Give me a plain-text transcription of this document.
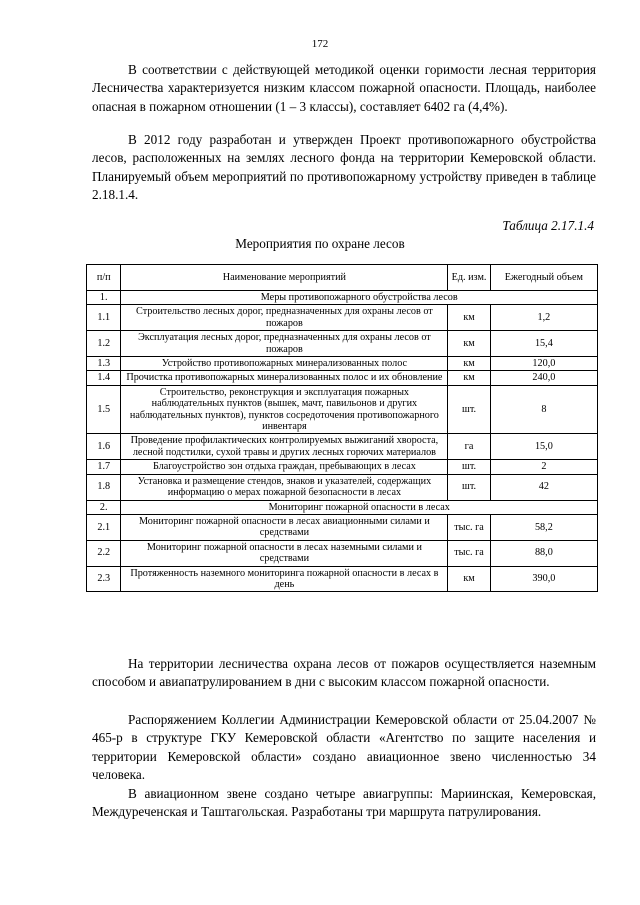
172

В соответствии с действующей методикой оценки горимости лесная территория Лесничества характеризуется низким классом пожарной опасности. Площадь, наиболее опасная в пожарном отношении (1 – 3 классы), составляет 6402 га (4,4%).

В 2012 году разработан и утвержден Проект противопожарного обустройства лесов, расположенных на землях лесного фонда на территории Кемеровской области. Планируемый объем мероприятий по противопожарному устройству приведен в таблице 2.18.1.4.

Таблица 2.17.1.4
Мероприятия по охране лесов
п/п	Наименование мероприятий	Ед. изм.	Ежегодный объем
1.	Меры противопожарного обустройства лесов		
1.1	Строительство лесных дорог, предназначенных для охраны лесов от пожаров	км	1,2
1.2	Эксплуатация лесных дорог, предназначенных для охраны лесов от пожаров	км	15,4
1.3	Устройство противопожарных минерализованных полос	км	120,0
1.4	Прочистка противопожарных минерализованных полос и их обновление	км	240,0
1.5	Строительство, реконструкция и эксплуатация пожарных наблюдательных пунктов (вышек, мачт, павильонов и других наблюдательных пунктов), пунктов сосредоточения противопожарного инвентаря	шт.	8
1.6	Проведение профилактических контролируемых выжиганий хвороста, лесной подстилки, сухой травы и других лесных горючих материалов	га	15,0
1.7	Благоустройство зон отдыха граждан, пребывающих в лесах	шт.	2
1.8	Установка и размещение стендов, знаков и указателей, содержащих информацию о мерах пожарной безопасности в лесах	шт.	42
2.	Мониторинг пожарной опасности в лесах		
2.1	Мониторинг пожарной опасности в лесах авиационными силами и средствами	тыс. га	58,2
2.2	Мониторинг пожарной опасности в лесах наземными силами и средствами	тыс. га	88,0
2.3	Протяженность наземного мониторинга пожарной опасности в лесах в день	км	390,0

На территории лесничества охрана лесов от пожаров осуществляется наземным способом и авиапатрулированием в дни с высоким классом пожарной опасности.

Распоряжением Коллегии Администрации Кемеровской области от 25.04.2007 № 465-р в структуре ГКУ Кемеровской области «Агентство по защите населения и территории Кемеровской области» создано авиационное звено численностью 34 человека.

В авиационном звене создано четыре авиагруппы: Мариинская, Кемеровская, Междуреченская и Таштагольская. Разработаны три маршрута патрулирования.
